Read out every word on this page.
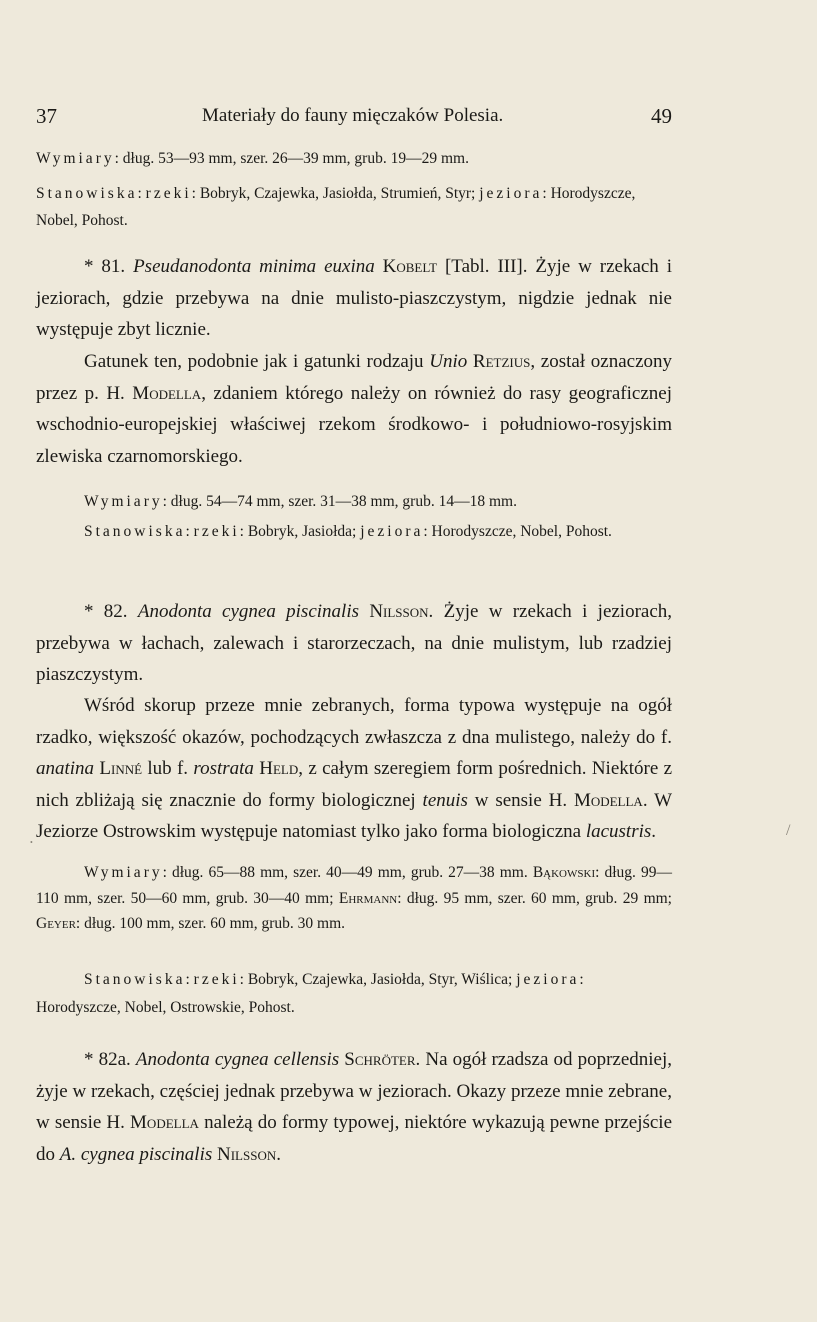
37	Materiały do fauny mięczaków Polesia.	49
Wymiary: dług. 53—93 mm, szer. 26—39 mm, grub. 19—29 mm.
Stanowiska: rzeki: Bobryk, Czajewka, Jasiołda, Strumień, Styr; jeziora: Horodyszcze, Nobel, Pohost.
* 81. Pseudanodonta minima euxina Kobelt [Tabl. III]. Żyje w rzekach i jeziorach, gdzie przebywa na dnie mulisto-piaszczystym, nigdzie jednak nie występuje zbyt licznie.
Gatunek ten, podobnie jak i gatunki rodzaju Unio Retzius, został oznaczony przez p. H. Modella, zdaniem którego należy on również do rasy geograficznej wschodnio-europejskiej właściwej rzekom środkowo- i południowo-rosyjskim zlewiska czarnomorskiego.
Wymiary: dług. 54—74 mm, szer. 31—38 mm, grub. 14—18 mm.
Stanowiska: rzeki: Bobryk, Jasiołda; jeziora: Horodyszcze, Nobel, Pohost.
* 82. Anodonta cygnea piscinalis Nilsson. Żyje w rzekach i jeziorach, przebywa w łachach, zalewach i starorzeczach, na dnie mulistym, lub rzadziej piaszczystym.
Wśród skorup przeze mnie zebranych, forma typowa występuje na ogół rzadko, większość okazów, pochodzących zwłaszcza z dna mulistego, należy do f. anatina Linné lub f. rostrata Held, z całym szeregiem form pośrednich. Niektóre z nich zbliżają się znacznie do formy biologicznej tenuis w sensie H. Modella. W Jeziorze Ostrowskim występuje natomiast tylko jako forma biologiczna lacustris.
Wymiary: dług. 65—88 mm, szer. 40—49 mm, grub. 27—38 mm. Bąkowski: dług. 99—110 mm, szer. 50—60 mm, grub. 30—40 mm; Ehrmann: dług. 95 mm, szer. 60 mm, grub. 29 mm; Geyer: dług. 100 mm, szer. 60 mm, grub. 30 mm.
Stanowiska: rzeki: Bobryk, Czajewka, Jasiołda, Styr, Wiślica; jeziora: Horodyszcze, Nobel, Ostrowskie, Pohost.
* 82a. Anodonta cygnea cellensis Schröter. Na ogół rzadsza od poprzedniej, żyje w rzekach, częściej jednak przebywa w jeziorach. Okazy przeze mnie zebrane, w sensie H. Modella należą do formy typowej, niektóre wykazują pewne przejście do A. cygnea piscinalis Nilsson.
/
•
